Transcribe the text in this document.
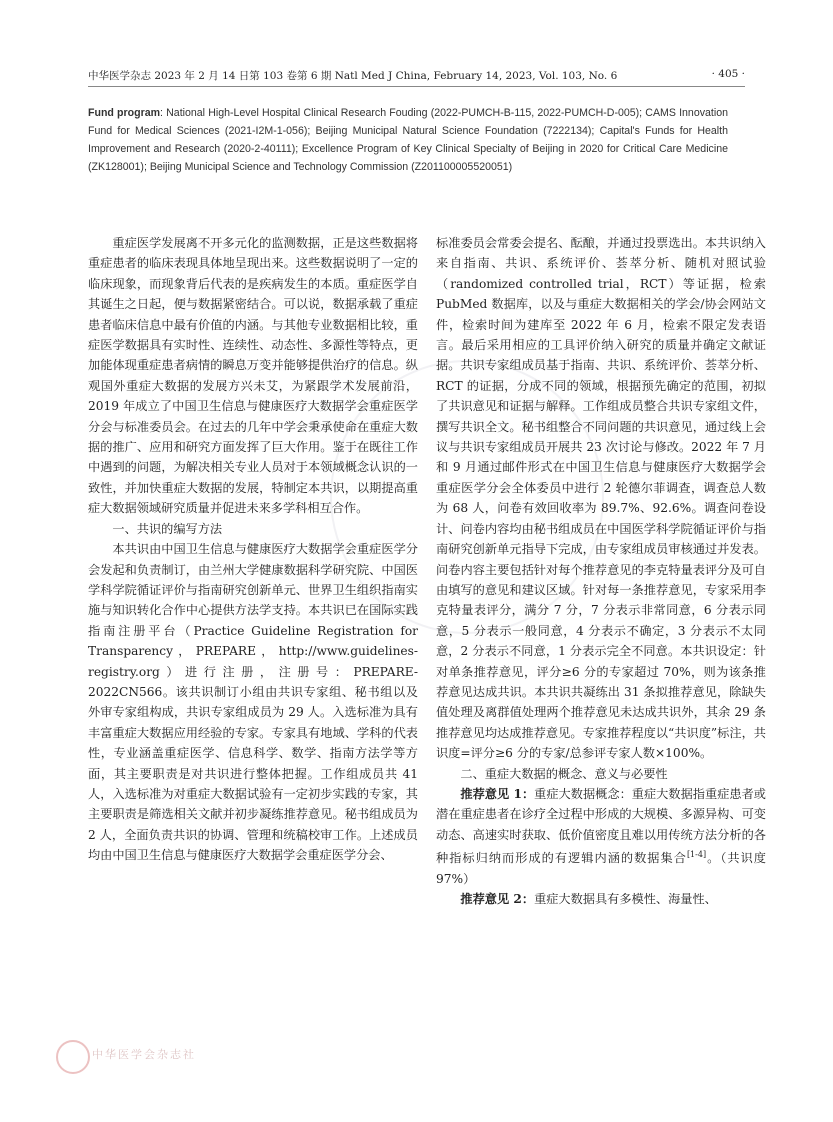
中华医学杂志 2023 年 2 月 14 日第 103 卷第 6 期 Natl Med J China, February 14, 2023, Vol. 103, No. 6	· 405 ·
Fund program: National High-Level Hospital Clinical Research Fouding (2022-PUMCH-B-115, 2022-PUMCH-D-005); CAMS Innovation Fund for Medical Sciences (2021-I2M-1-056); Beijing Municipal Natural Science Foundation (7222134); Capital's Funds for Health Improvement and Research (2020-2-40111); Excellence Program of Key Clinical Specialty of Beijing in 2020 for Critical Care Medicine (ZK128001); Beijing Municipal Science and Technology Commission (Z201100005520051)

重症医学发展离不开多元化的监测数据，正是这些数据将重症患者的临床表现具体地呈现出来。这些数据说明了一定的临床现象，而现象背后代表的是疾病发生的本质。重症医学自其诞生之日起，便与数据紧密结合。可以说，数据承载了重症患者临床信息中最有价值的内涵。与其他专业数据相比较，重症医学数据具有实时性、连续性、动态性、多源性等特点，更加能体现重症患者病情的瞬息万变并能够提供治疗的信息。纵观国外重症大数据的发展方兴未艾，为紧跟学术发展前沿，2019 年成立了中国卫生信息与健康医疗大数据学会重症医学分会与标准委员会。在过去的几年中学会秉承使命在重症大数据的推广、应用和研究方面发挥了巨大作用。鉴于在既往工作中遇到的问题，为解决相关专业人员对于本领域概念认识的一致性，并加快重症大数据的发展，特制定本共识，以期提高重症大数据领域研究质量并促进未来多学科相互合作。

一、共识的编写方法

本共识由中国卫生信息与健康医疗大数据学会重症医学分会发起和负责制订，由兰州大学健康数据科学研究院、中国医学科学院循证评价与指南研究创新单元、世界卫生组织指南实施与知识转化合作中心提供方法学支持。本共识已在国际实践指南注册平台（Practice Guideline Registration for Transparency，PREPARE，http://www.guidelines-registry.org）进行注册，注册号：PREPARE-2022CN566。该共识制订小组由共识专家组、秘书组以及外审专家组构成，共识专家组成员为 29 人。入选标准为具有丰富重症大数据应用经验的专家。专家具有地域、学科的代表性，专业涵盖重症医学、信息科学、数学、指南方法学等方面，其主要职责是对共识进行整体把握。工作组成员共 41 人，入选标准为对重症大数据试验有一定初步实践的专家，其主要职责是筛选相关文献并初步凝练推荐意见。秘书组成员为 2 人，全面负责共识的协调、管理和统稿校审工作。上述成员均由中国卫生信息与健康医疗大数据学会重症医学分会、

标准委员会常委会提名、酝酿，并通过投票选出。本共识纳入来自指南、共识、系统评价、荟萃分析、随机对照试验（randomized controlled trial，RCT）等证据，检索 PubMed 数据库，以及与重症大数据相关的学会/协会网站文件，检索时间为建库至 2022 年 6 月，检索不限定发表语言。最后采用相应的工具评价纳入研究的质量并确定文献证据。共识专家组成员基于指南、共识、系统评价、荟萃分析、RCT 的证据，分成不同的领域，根据预先确定的范围，初拟了共识意见和证据与解释。工作组成员整合共识专家组文件，撰写共识全文。秘书组整合不同问题的共识意见，通过线上会议与共识专家组成员开展共 23 次讨论与修改。2022 年 7 月和 9 月通过邮件形式在中国卫生信息与健康医疗大数据学会重症医学分会全体委员中进行 2 轮德尔菲调查，调查总人数为 68 人，问卷有效回收率为 89.7%、92.6%。调查问卷设计、问卷内容均由秘书组成员在中国医学科学院循证评价与指南研究创新单元指导下完成，由专家组成员审核通过并发表。问卷内容主要包括针对每个推荐意见的李克特量表评分及可自由填写的意见和建议区域。针对每一条推荐意见，专家采用李克特量表评分，满分 7 分，7 分表示非常同意，6 分表示同意，5 分表示一般同意，4 分表示不确定，3 分表示不太同意，2 分表示不同意，1 分表示完全不同意。本共识设定：针对单条推荐意见，评分≥6 分的专家超过 70%，则为该条推荐意见达成共识。本共识共凝练出 31 条拟推荐意见，除缺失值处理及离群值处理两个推荐意见未达成共识外，其余 29 条推荐意见均达成推荐意见。专家推荐程度以“共识度”标注，共识度=评分≥6 分的专家/总参评专家人数×100%。

二、重症大数据的概念、意义与必要性

推荐意见 1：重症大数据概念：重症大数据指重症患者或潜在重症患者在诊疗全过程中形成的大规模、多源异构、可变动态、高速实时获取、低价值密度且难以用传统方法分析的各种指标归纳而形成的有逻辑内涵的数据集合[1-4]。（共识度 97%）

推荐意见 2：重症大数据具有多模性、海量性、

中华医学会杂志社
